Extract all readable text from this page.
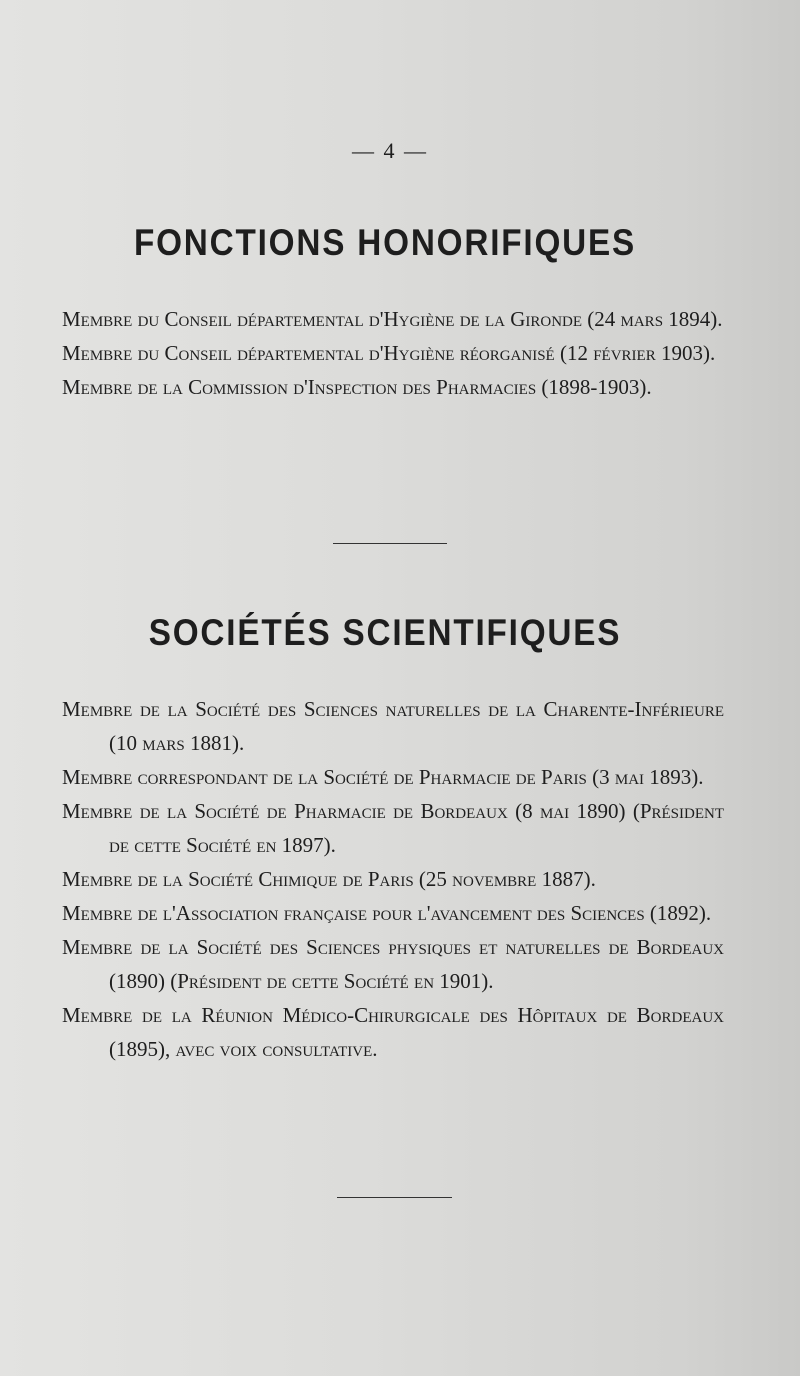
— 4 —
FONCTIONS HONORIFIQUES

Membre du Conseil départemental d'Hygiène de la Gironde (24 mars 1894).

Membre du Conseil départemental d'Hygiène réorganisé (12 février 1903).

Membre de la Commission d'Inspection des Pharmacies (1898-1903).

SOCIÉTÉS SCIENTIFIQUES

Membre de la Société des Sciences naturelles de la Charente-Inférieure (10 mars 1881).

Membre correspondant de la Société de Pharmacie de Paris (3 mai 1893).

Membre de la Société de Pharmacie de Bordeaux (8 mai 1890) (Président de cette Société en 1897).

Membre de la Société Chimique de Paris (25 novembre 1887).

Membre de l'Association française pour l'avancement des Sciences (1892).

Membre de la Société des Sciences physiques et naturelles de Bordeaux (1890) (Président de cette Société en 1901).

Membre de la Réunion Médico-Chirurgicale des Hôpitaux de Bordeaux (1895), avec voix consultative.
